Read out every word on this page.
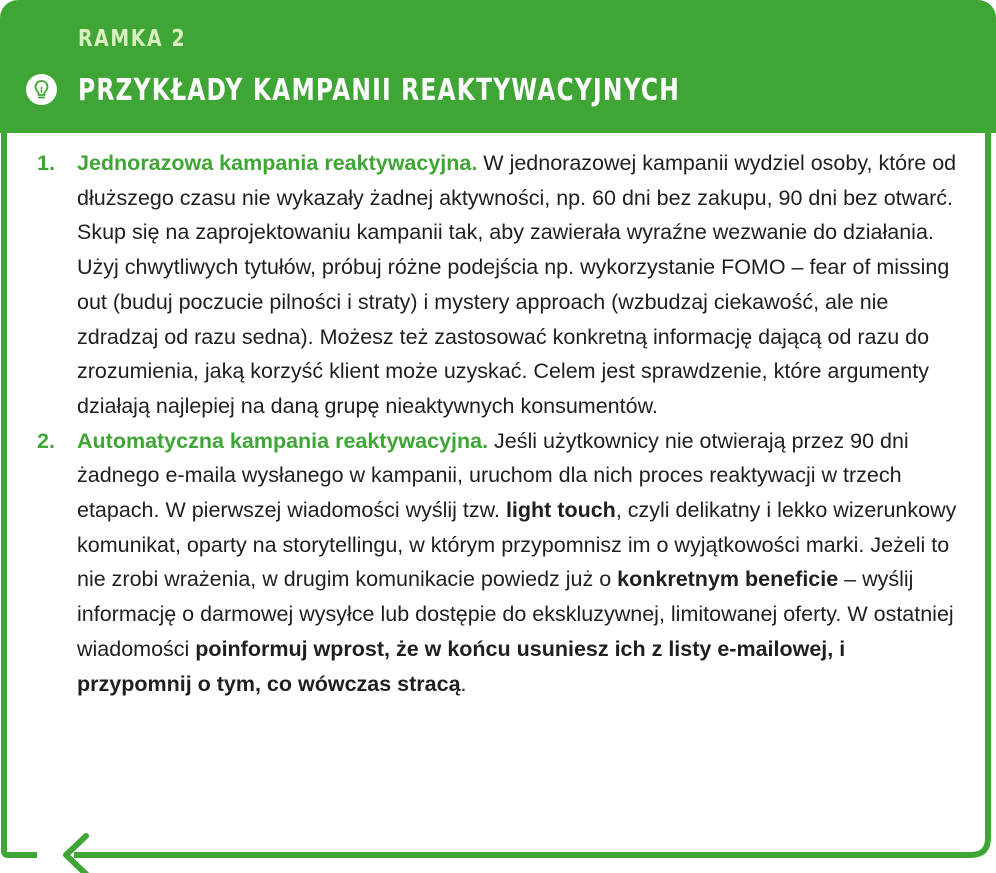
RAMKA 2
PRZYKŁADY KAMPANII REAKTYWACYJNYCH
1. Jednorazowa kampania reaktywacyjna. W jednorazowej kampanii wydziel osoby, które od dłuższego czasu nie wykazały żadnej aktywności, np. 60 dni bez zakupu, 90 dni bez otwarć. Skup się na zaprojektowaniu kampanii tak, aby zawierała wyraźne wezwanie do działania.
Użyj chwytliwych tytułów, próbuj różne podejścia np. wykorzystanie FOMO – fear of missing out (buduj poczucie pilności i straty) i mystery approach (wzbudzaj ciekawość, ale nie zdradzaj od razu sedna). Możesz też zastosować konkretną informację dającą od razu do zrozumienia, jaką korzyść klient może uzyskać. Celem jest sprawdzenie, które argumenty działają najlepiej na daną grupę nieaktywnych konsumentów.
2. Automatyczna kampania reaktywacyjna. Jeśli użytkownicy nie otwierają przez 90 dni żadnego e-maila wysłanego w kampanii, uruchom dla nich proces reaktywacji w trzech etapach. W pierwszej wiadomości wyślij tzw. light touch, czyli delikatny i lekko wizerunkowy komunikat, oparty na storytellingu, w którym przypomnisz im o wyjątkowości marki. Jeżeli to nie zrobi wrażenia, w drugim komunikacie powiedz już o konkretnym beneficie – wyślij informację o darmowej wysyłce lub dostępie do ekskluzywnej, limitowanej oferty. W ostatniej wiadomości poinformuj wprost, że w końcu usuniesz ich z listy e-mailowej, i przypomnij o tym, co wówczas stracą.
